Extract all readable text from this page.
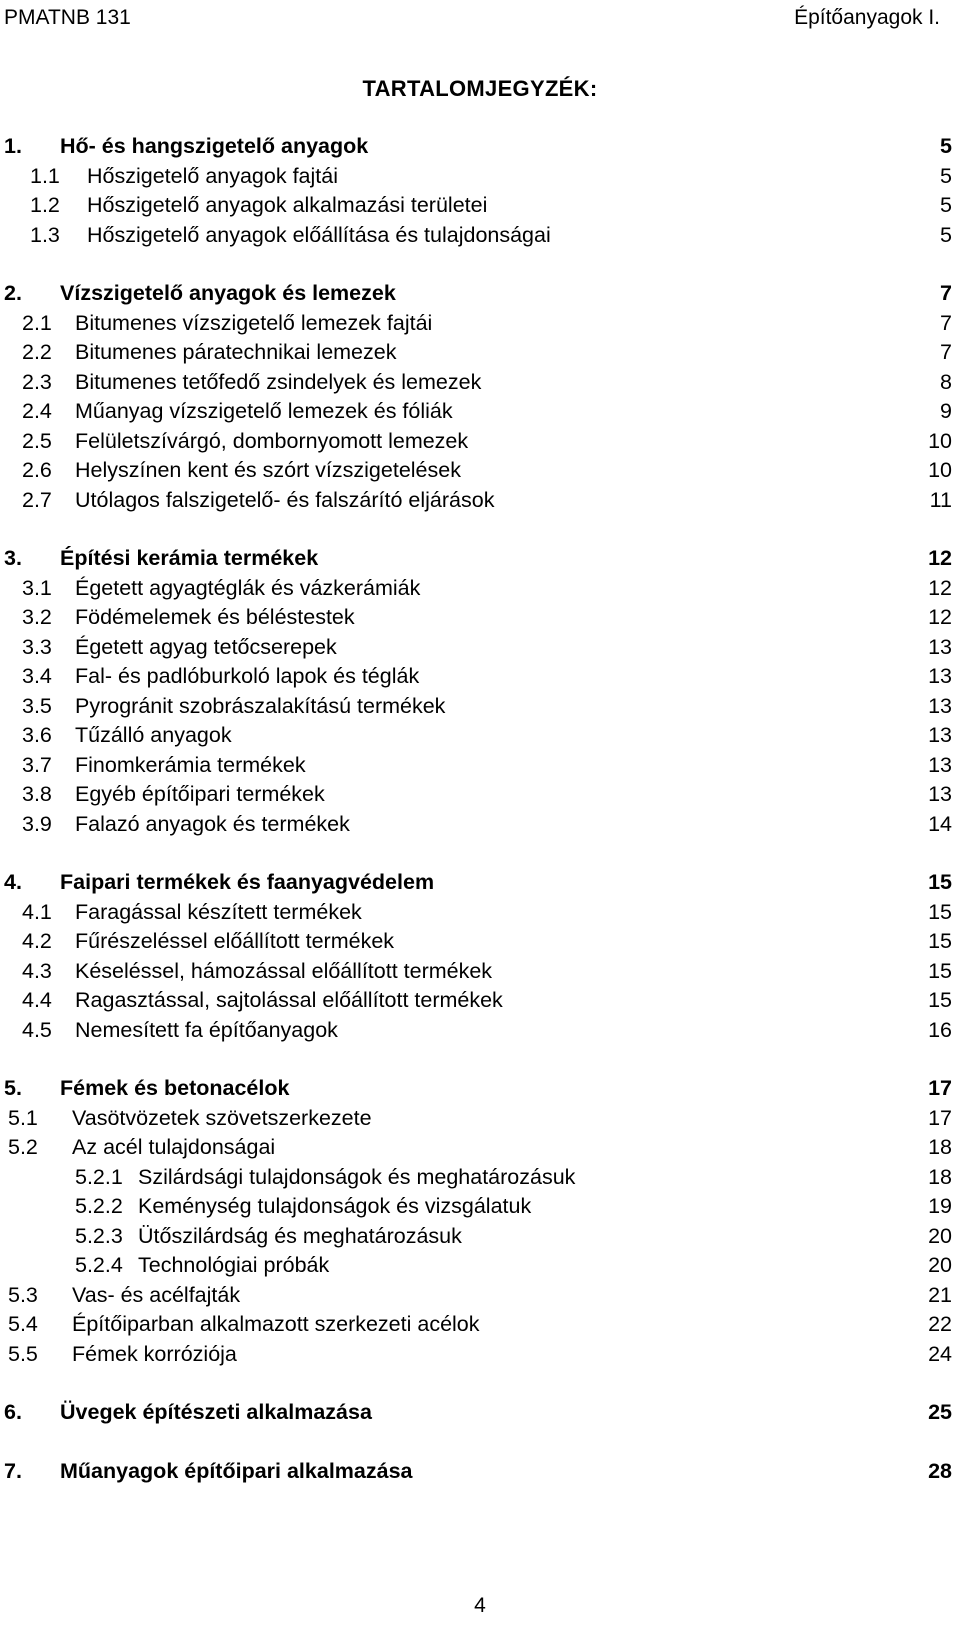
PMATNB 131	Építőanyagok I.
TARTALOMJEGYZÉK:
1. Hő- és hangszigetelő anyagok	5
1.1 Hőszigetelő anyagok fajtái	5
1.2 Hőszigetelő anyagok alkalmazási területei	5
1.3 Hőszigetelő anyagok előállítása és tulajdonságai	5
2. Vízszigetelő anyagok és lemezek	7
2.1 Bitumenes vízszigetelő lemezek fajtái	7
2.2 Bitumenes páratechnikai lemezek	7
2.3 Bitumenes tetőfedő zsindelyek és lemezek	8
2.4 Műanyag vízszigetelő lemezek és fóliák	9
2.5 Felületszívárgó, dombornyomott lemezek	10
2.6 Helyszínen kent és szórt vízszigetelések	10
2.7 Utólagos falszigetelő- és falszárító eljárások	11
3. Építési kerámia termékek	12
3.1 Égetett agyagtéglák és vázkerámiák	12
3.2 Födémelemek és béléstestek	12
3.3 Égetett agyag tetőcserepek	13
3.4 Fal- és padlóburkoló lapok és téglák	13
3.5 Pyrogránit szobrászalakítású termékek	13
3.6 Tűzálló anyagok	13
3.7 Finomkerámia termékek	13
3.8 Egyéb építőipari termékek	13
3.9 Falazó anyagok és termékek	14
4. Faipari termékek és faanyagvédelem	15
4.1 Faragással készített termékek	15
4.2 Fűrészeléssel előállított termékek	15
4.3 Késeléssel, hámozással előállított termékek	15
4.4 Ragasztással, sajtolással előállított termékek	15
4.5 Nemesített fa építőanyagok	16
5. Fémek és betonacélok	17
5.1 Vasötvözetek szövetszerkezete	17
5.2 Az acél tulajdonságai	18
5.2.1 Szilárdsági tulajdonságok és meghatározásuk	18
5.2.2 Keménység tulajdonságok és vizsgálatuk	19
5.2.3 Ütőszilárdság és meghatározásuk	20
5.2.4 Technológiai próbák	20
5.3 Vas- és acélfajták	21
5.4 Építőiparban alkalmazott szerkezeti acélok	22
5.5 Fémek korróziója	24
6. Üvegek építészeti alkalmazása	25
7. Műanyagok építőipari alkalmazása	28
4
